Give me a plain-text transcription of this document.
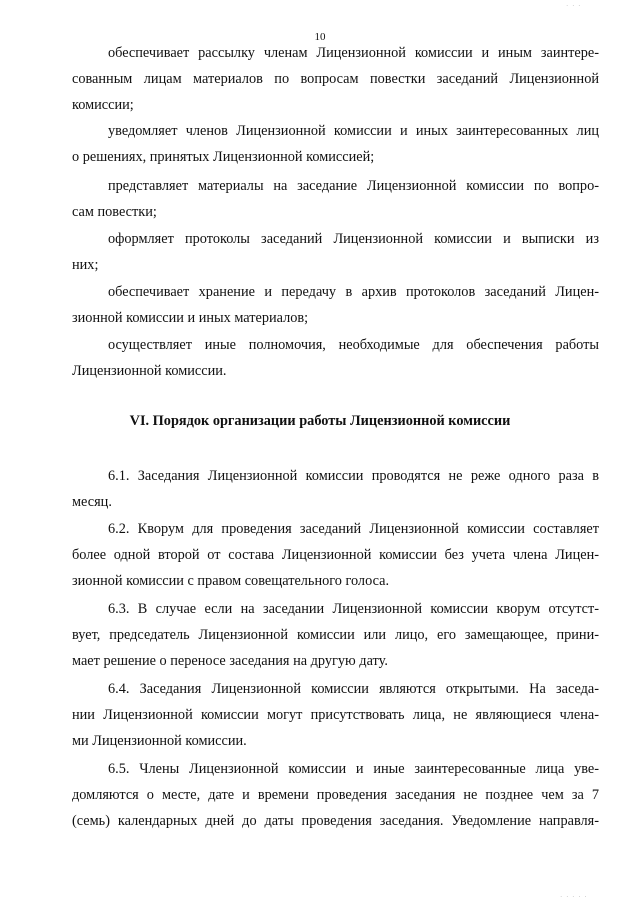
10
обеспечивает рассылку членам Лицензионной комиссии и иным заинтере-
сованным лицам материалов по вопросам повестки заседаний Лицензионной
комиссии;
уведомляет членов Лицензионной комиссии и иных заинтересованных лиц
о решениях, принятых Лицензионной комиссией;
представляет материалы на заседание Лицензионной комиссии по вопро-
сам повестки;
оформляет протоколы заседаний Лицензионной комиссии и выписки из
них;
обеспечивает хранение и передачу в архив протоколов заседаний Лицен-
зионной комиссии и иных материалов;
осуществляет иные полномочия, необходимые для обеспечения работы
Лицензионной комиссии.
VI. Порядок организации работы Лицензионной комиссии
6.1. Заседания Лицензионной комиссии проводятся не реже одного раза в
месяц.
6.2. Кворум для проведения заседаний Лицензионной комиссии составляет
более одной второй от состава Лицензионной комиссии без учета члена Лицен-
зионной комиссии с правом совещательного голоса.
6.3. В случае если на заседании Лицензионной комиссии кворум отсутст-
вует, председатель Лицензионной комиссии или лицо, его замещающее, прини-
мает решение о переносе заседания на другую дату.
6.4. Заседания Лицензионной комиссии являются открытыми. На заседа-
нии Лицензионной комиссии могут присутствовать лица, не являющиеся члена-
ми Лицензионной комиссии.
6.5. Члены Лицензионной комиссии и иные заинтересованные лица уве-
домляются о месте, дате и времени проведения заседания не позднее чем за 7
(семь) календарных дней до даты проведения заседания. Уведомление направля-
· · ·
· · · · ·
